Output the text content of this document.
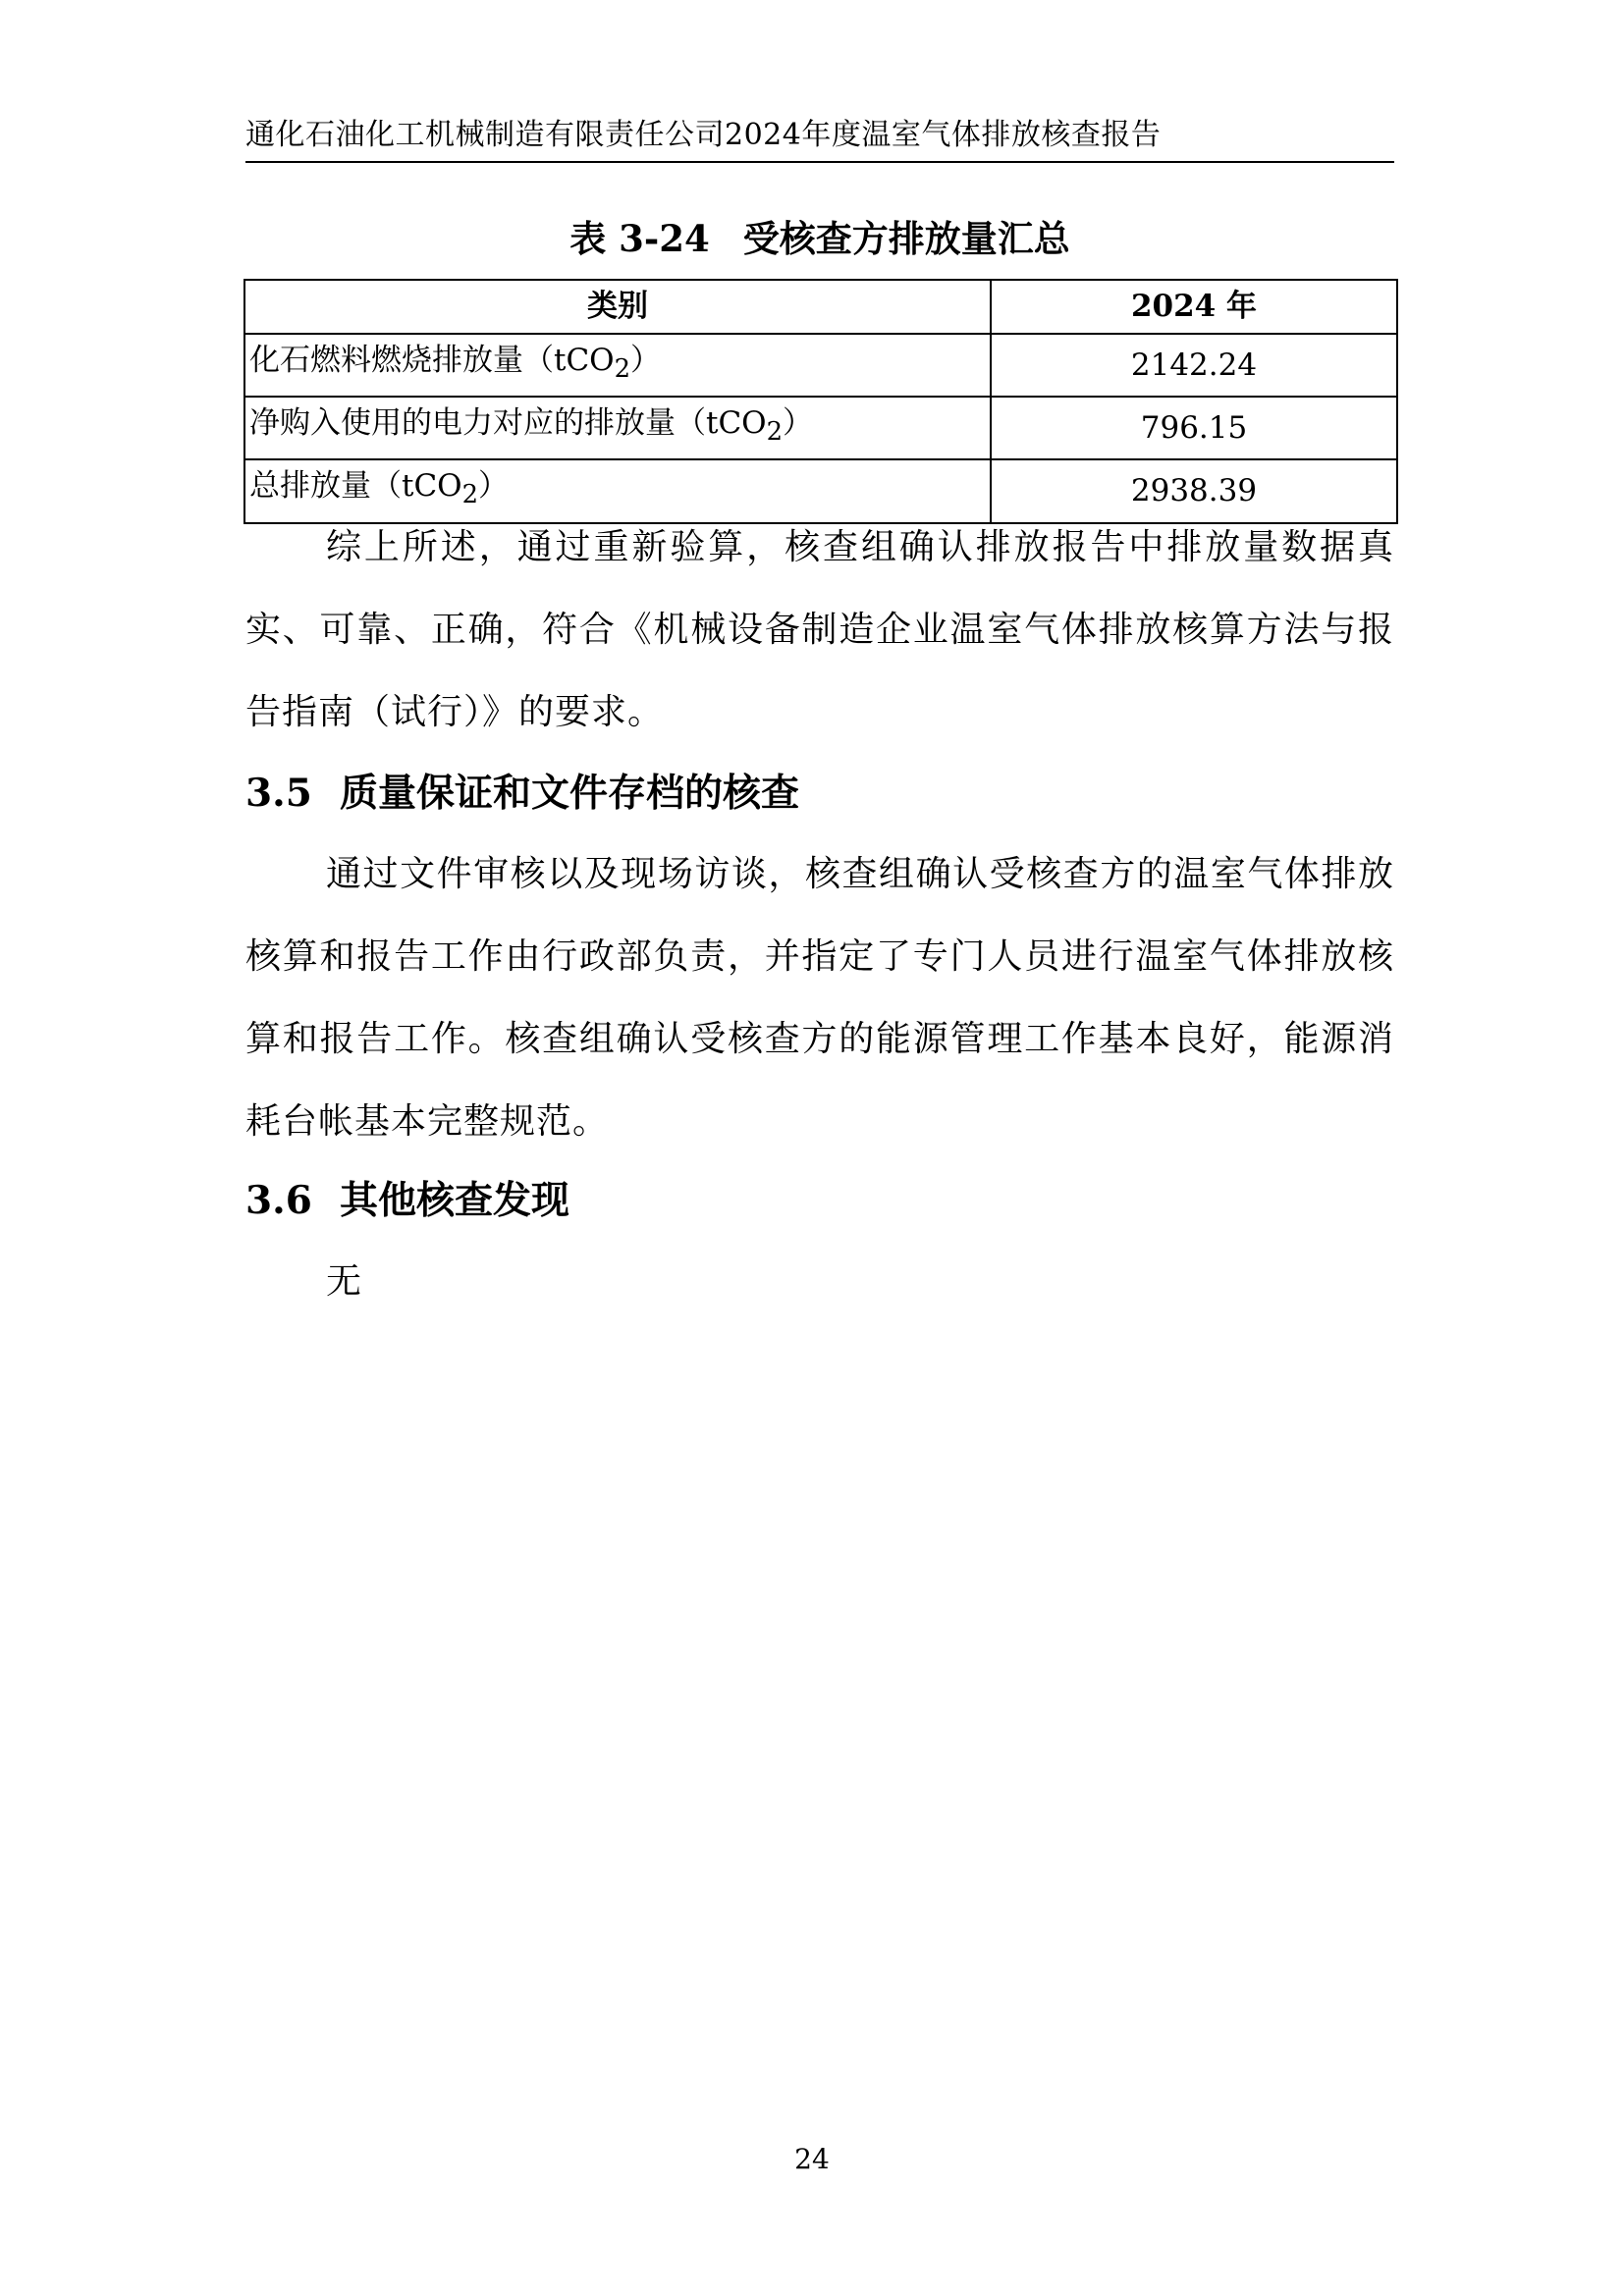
通化石油化工机械制造有限责任公司2024年度温室气体排放核查报告
表 3-24 受核查方排放量汇总
类别	2024 年
化石燃料燃烧排放量（tCO$_2$）	2142.24
净购入使用的电力对应的排放量（tCO$_2$）	796.15
总排放量（tCO$_2$）	2938.39
综上所述，通过重新验算，核查组确认排放报告中排放量数据真实、可靠、正确，符合《机械设备制造企业温室气体排放核算方法与报告指南（试行）》的要求。
3.5 质量保证和文件存档的核查
通过文件审核以及现场访谈，核查组确认受核查方的温室气体排放核算和报告工作由行政部负责，并指定了专门人员进行温室气体排放核算和报告工作。核查组确认受核查方的能源管理工作基本良好，能源消耗台帐基本完整规范。
3.6 其他核查发现
无
24
